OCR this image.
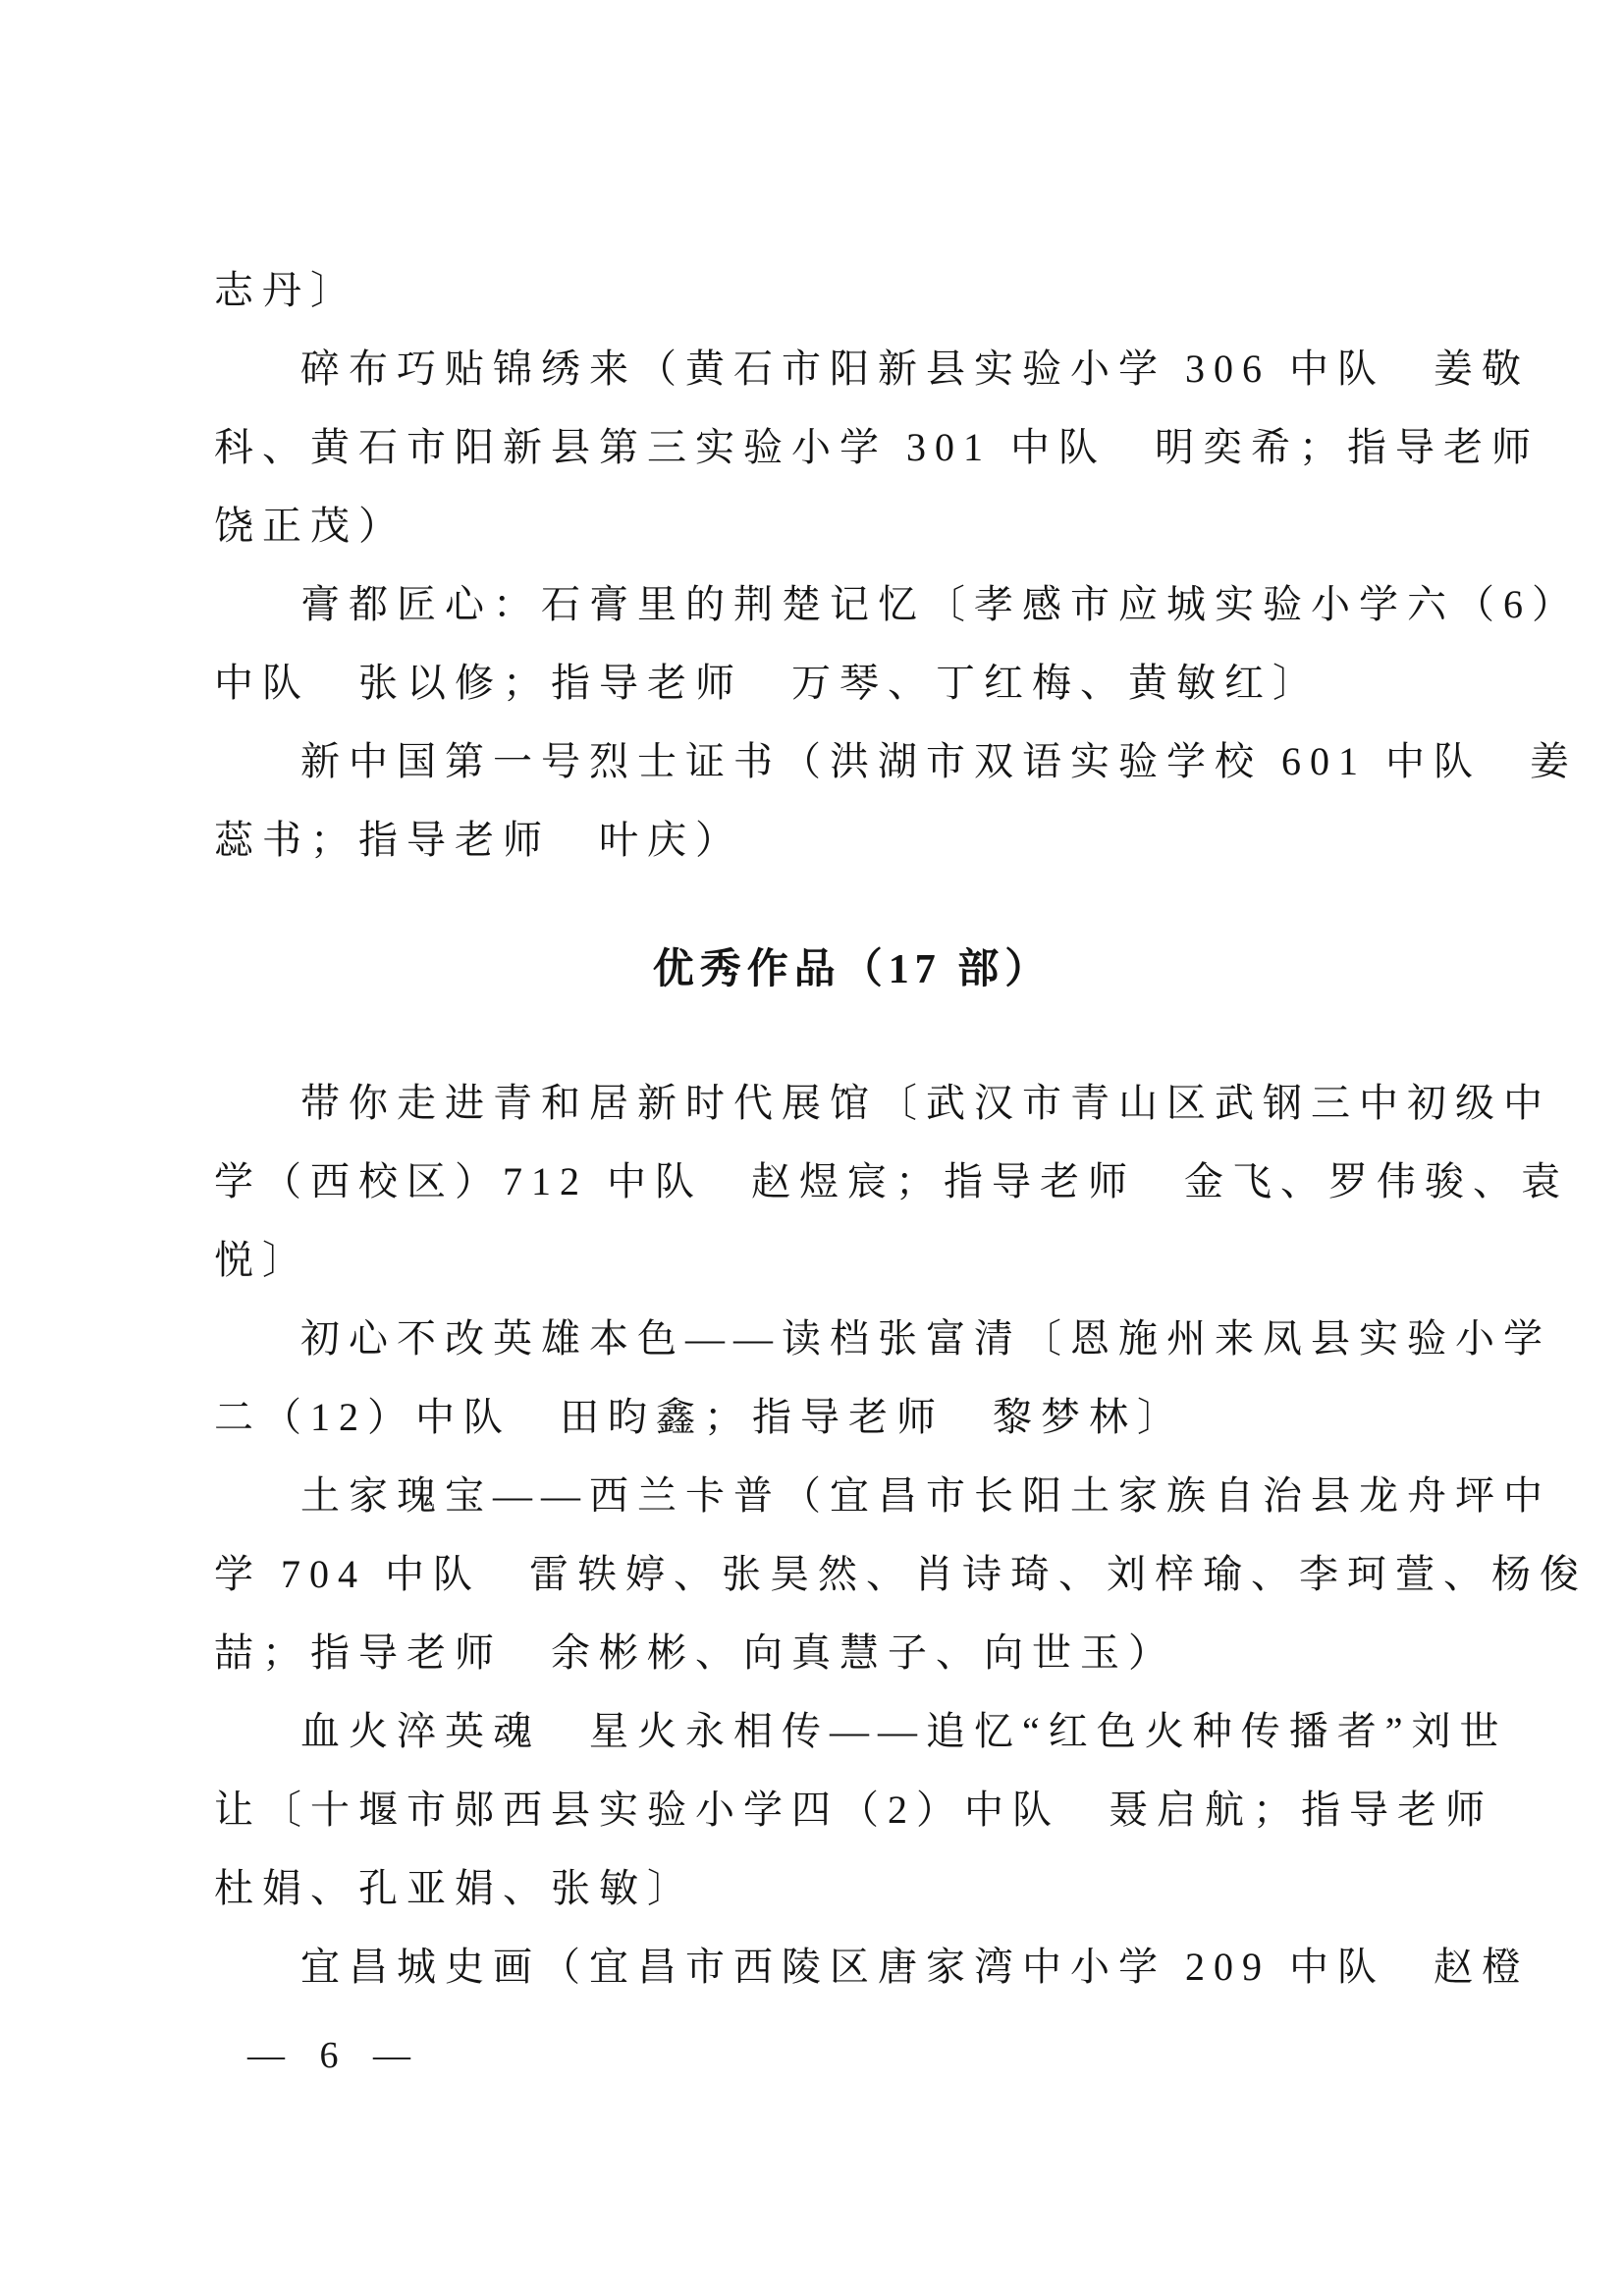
志丹〕
碎布巧贴锦绣来（黄石市阳新县实验小学 306 中队　姜敬
科、黄石市阳新县第三实验小学 301 中队　明奕希；指导老师
饶正茂）
膏都匠心：石膏里的荆楚记忆〔孝感市应城实验小学六（6）
中队　张以修；指导老师　万琴、丁红梅、黄敏红〕
新中国第一号烈士证书（洪湖市双语实验学校 601 中队　姜
蕊书；指导老师　叶庆）
优秀作品（17 部）
带你走进青和居新时代展馆〔武汉市青山区武钢三中初级中
学（西校区）712 中队　赵煜宸；指导老师　金飞、罗伟骏、袁
悦〕
初心不改英雄本色——读档张富清〔恩施州来凤县实验小学
二（12）中队　田昀鑫；指导老师　黎梦林〕
土家瑰宝——西兰卡普（宜昌市长阳土家族自治县龙舟坪中
学 704 中队　雷轶婷、张昊然、肖诗琦、刘梓瑜、李珂萱、杨俊
喆；指导老师　余彬彬、向真慧子、向世玉）
血火淬英魂　星火永相传——追忆“红色火种传播者”刘世
让〔十堰市郧西县实验小学四（2）中队　聂启航；指导老师
杜娟、孔亚娟、张敏〕
宜昌城史画（宜昌市西陵区唐家湾中小学 209 中队　赵橙
— 6 —
